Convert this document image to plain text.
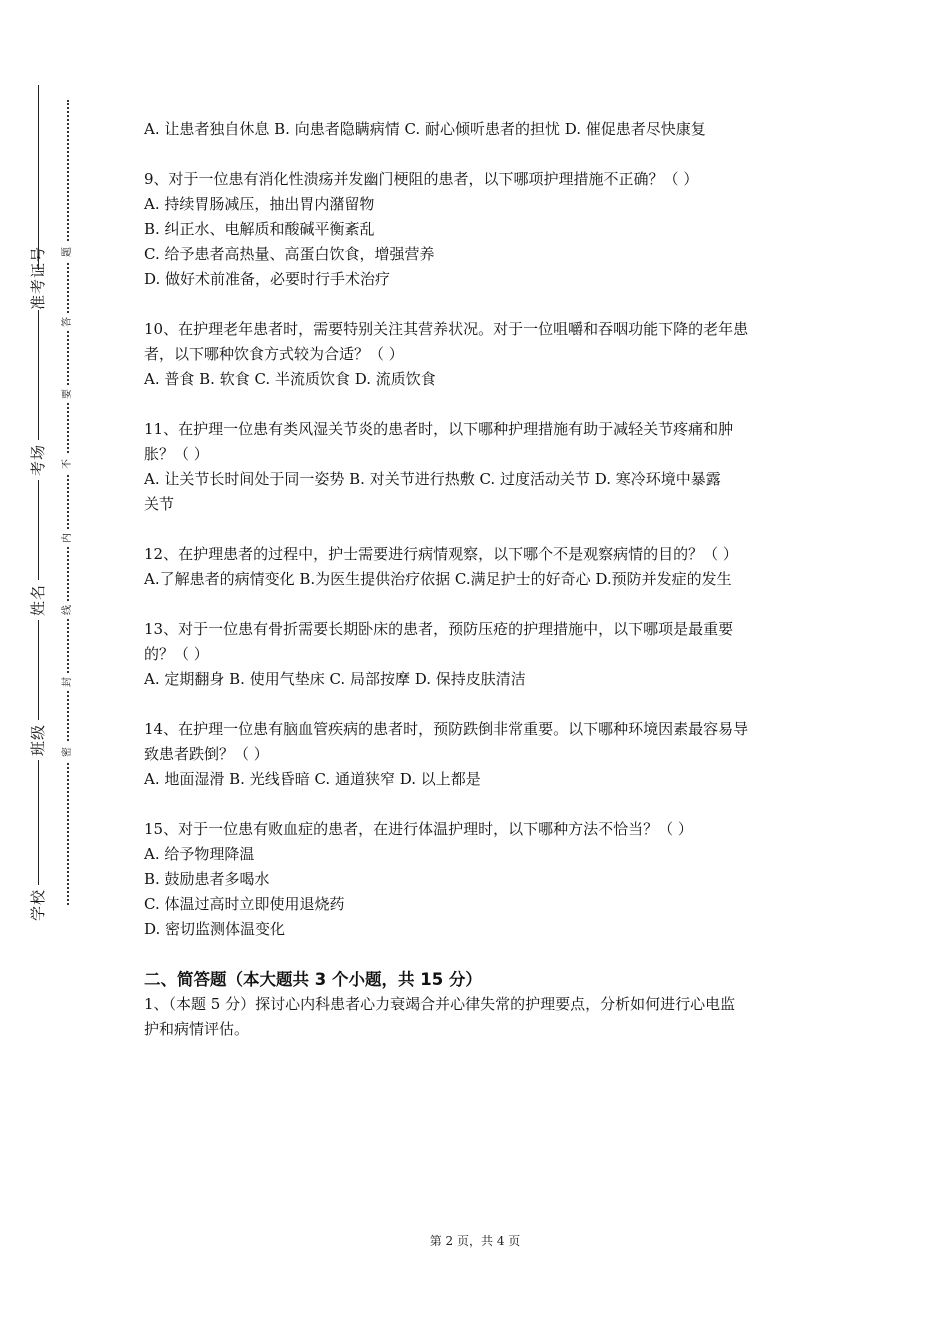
准考证号
考场
姓名
班级
学校
题
答
要
不
内
线
封
密
A. 让患者独自休息 B. 向患者隐瞒病情 C. 耐心倾听患者的担忧 D. 催促患者尽快康复
9、对于一位患有消化性溃疡并发幽门梗阻的患者，以下哪项护理措施不正确？（ ）
A. 持续胃肠减压，抽出胃内潴留物
B. 纠正水、电解质和酸碱平衡紊乱
C. 给予患者高热量、高蛋白饮食，增强营养
D. 做好术前准备，必要时行手术治疗
10、在护理老年患者时，需要特别关注其营养状况。对于一位咀嚼和吞咽功能下降的老年患
者，以下哪种饮食方式较为合适？（ ）
A. 普食 B. 软食 C. 半流质饮食 D. 流质饮食
11、在护理一位患有类风湿关节炎的患者时，以下哪种护理措施有助于减轻关节疼痛和肿
胀？（ ）
A. 让关节长时间处于同一姿势 B. 对关节进行热敷 C. 过度活动关节 D. 寒冷环境中暴露
关节
12、在护理患者的过程中，护士需要进行病情观察，以下哪个不是观察病情的目的？（ ）
A.了解患者的病情变化 B.为医生提供治疗依据 C.满足护士的好奇心 D.预防并发症的发生
13、对于一位患有骨折需要长期卧床的患者，预防压疮的护理措施中，以下哪项是最重要
的？（ ）
A. 定期翻身 B. 使用气垫床 C. 局部按摩 D. 保持皮肤清洁
14、在护理一位患有脑血管疾病的患者时，预防跌倒非常重要。以下哪种环境因素最容易导
致患者跌倒？（ ）
A. 地面湿滑 B. 光线昏暗 C. 通道狭窄 D. 以上都是
15、对于一位患有败血症的患者，在进行体温护理时，以下哪种方法不恰当？（ ）
A. 给予物理降温
B. 鼓励患者多喝水
C. 体温过高时立即使用退烧药
D. 密切监测体温变化
二、简答题（本大题共 3 个小题，共 15 分）
1、（本题 5 分）探讨心内科患者心力衰竭合并心律失常的护理要点，分析如何进行心电监
护和病情评估。
第 2 页，共 4 页
